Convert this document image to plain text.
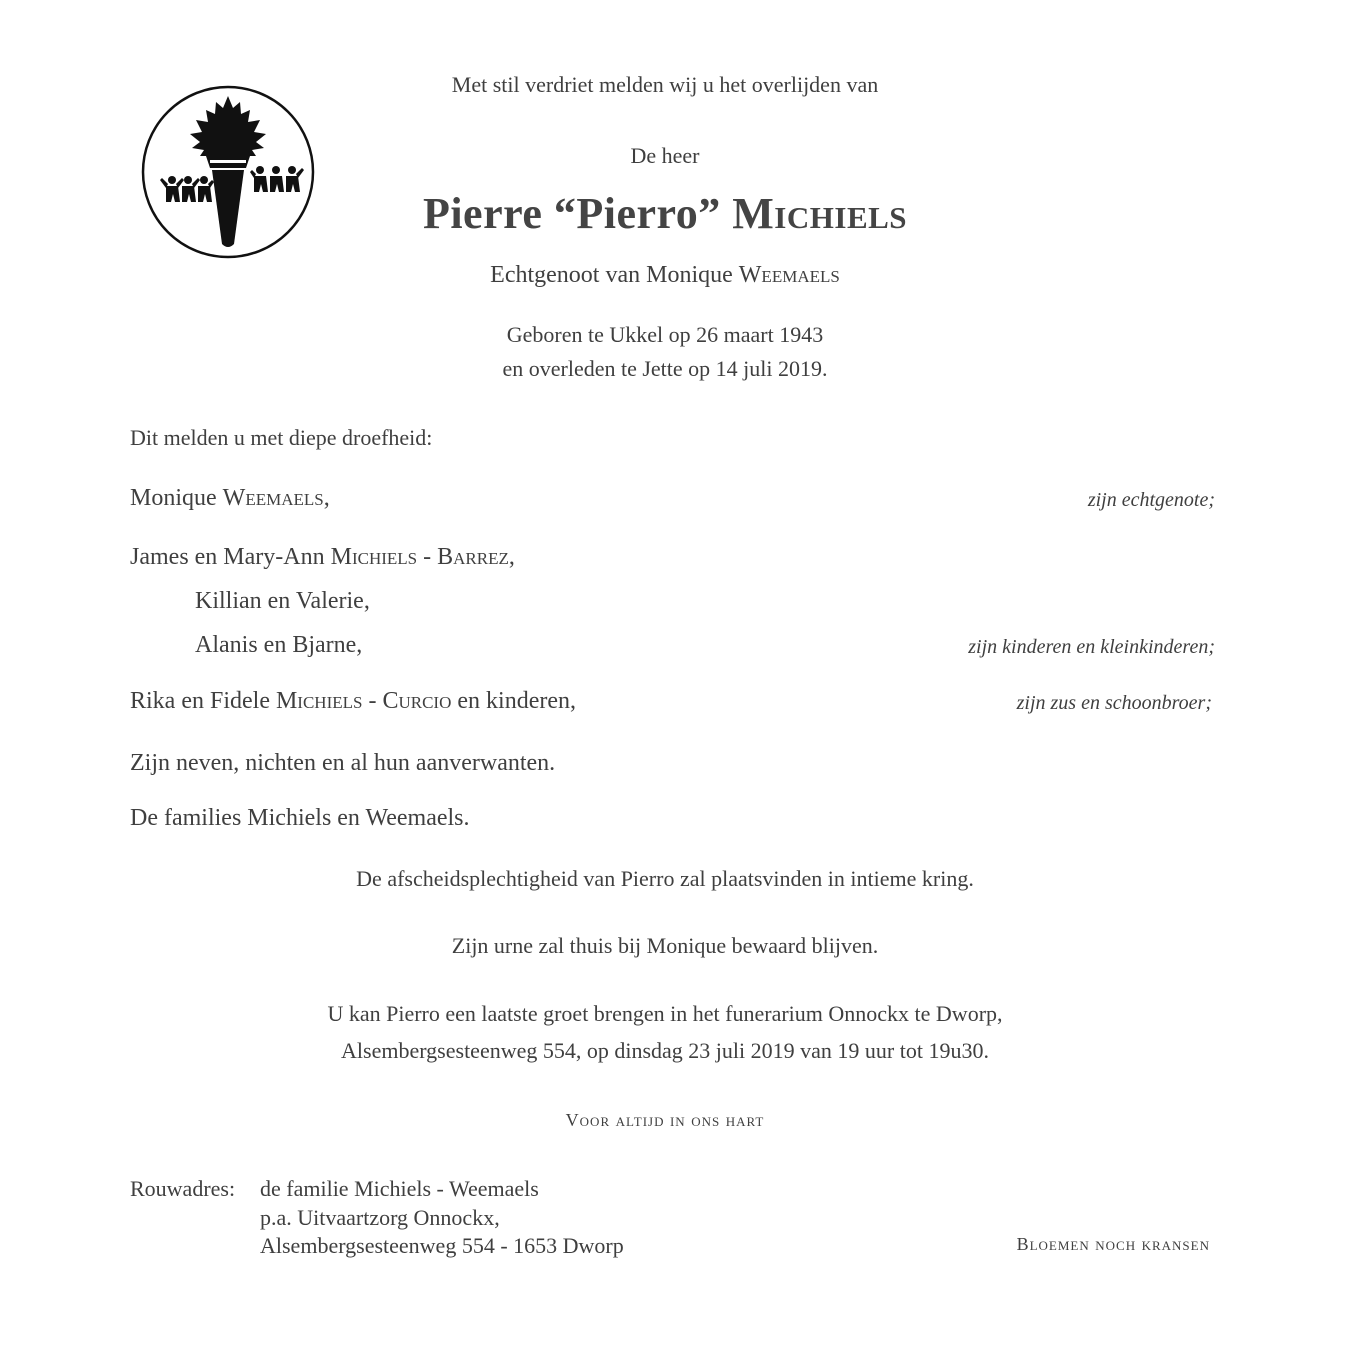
Met stil verdriet melden wij u het overlijden van
De heer
Pierre “Pierro” Michiels
Echtgenoot van Monique Weemaels
Geboren te Ukkel op 26 maart 1943
en overleden te Jette op 14 juli 2019.
Dit melden u met diepe droefheid:
Monique Weemaels,	zijn echtgenote;
James en Mary-Ann Michiels - Barrez,
Killian en Valerie,
Alanis en Bjarne,	zijn kinderen en kleinkinderen;
Rika en Fidele Michiels - Curcio en kinderen,	zijn zus en schoonbroer;
Zijn neven, nichten en al hun aanverwanten.
De families Michiels en Weemaels.
De afscheidsplechtigheid van Pierro zal plaatsvinden in intieme kring.
Zijn urne zal thuis bij Monique bewaard blijven.
U kan Pierro een laatste groet brengen in het funerarium Onnockx te Dworp,
Alsembergsesteenweg 554, op dinsdag 23 juli 2019 van 19 uur tot 19u30.
Voor altijd in ons hart
Rouwadres: de familie Michiels - Weemaels
p.a. Uitvaartzorg Onnockx,
Alsembergsesteenweg 554 - 1653 Dworp	Bloemen noch kransen
